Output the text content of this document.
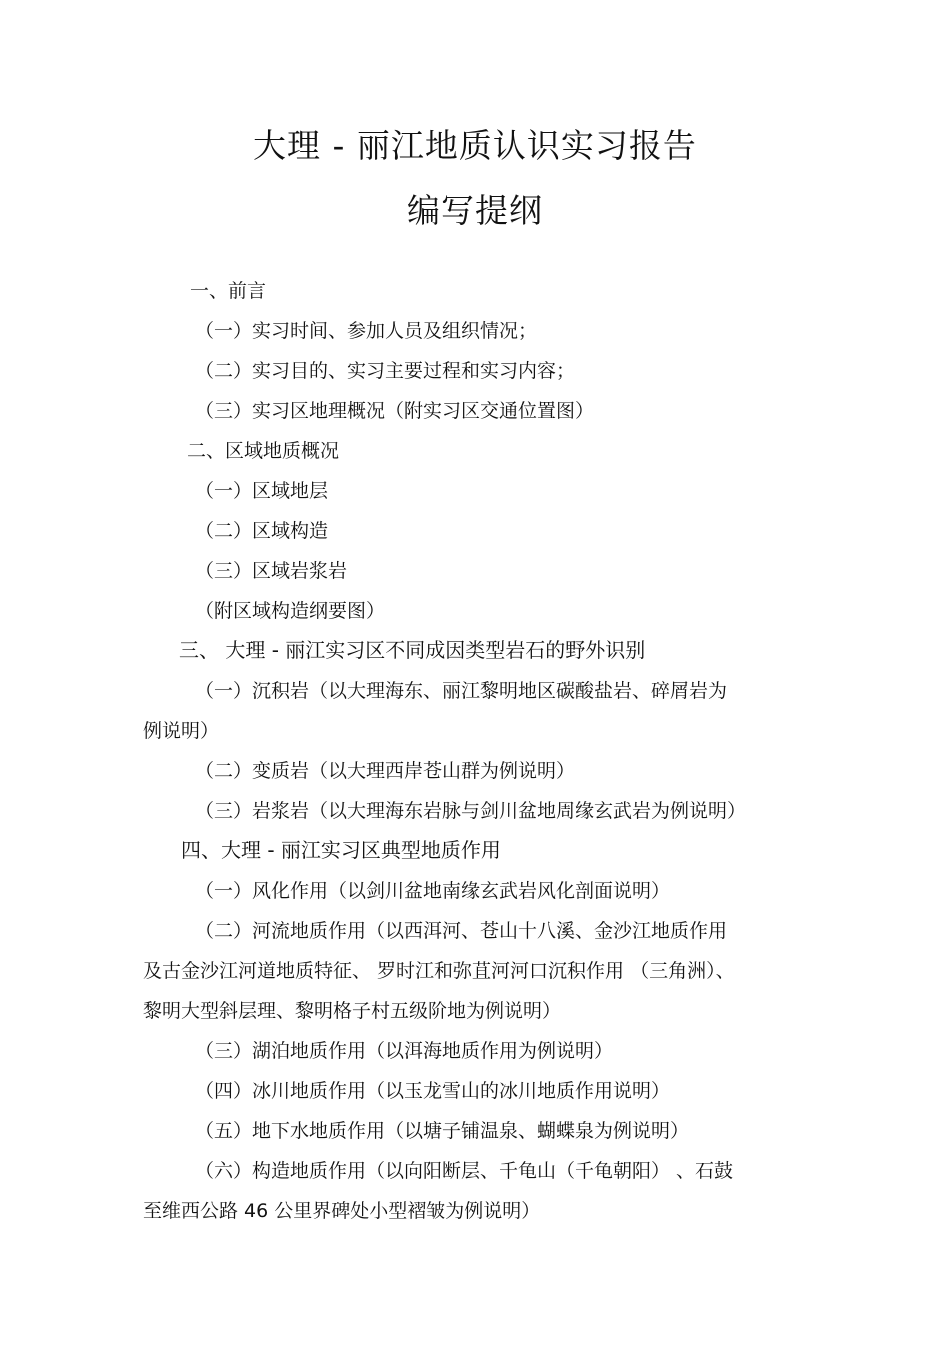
大理 - 丽江地质认识实习报告
编写提纲
一、前言
（一）实习时间、参加人员及组织情况；
（二）实习目的、实习主要过程和实习内容；
（三）实习区地理概况（附实习区交通位置图）
二、区域地质概况
（一）区域地层
（二）区域构造
（三）区域岩浆岩
（附区域构造纲要图）
三、 大理 - 丽江实习区不同成因类型岩石的野外识别
（一）沉积岩（以大理海东、丽江黎明地区碳酸盐岩、碎屑岩为
例说明）
（二）变质岩（以大理西岸苍山群为例说明）
（三）岩浆岩（以大理海东岩脉与剑川盆地周缘玄武岩为例说明）
四、大理 - 丽江实习区典型地质作用
（一）风化作用（以剑川盆地南缘玄武岩风化剖面说明）
（二）河流地质作用（以西洱河、苍山十八溪、金沙江地质作用
及古金沙江河道地质特征、 罗时江和弥苴河河口沉积作用 （三角洲）、
黎明大型斜层理、黎明格子村五级阶地为例说明）
（三）湖泊地质作用（以洱海地质作用为例说明）
（四）冰川地质作用（以玉龙雪山的冰川地质作用说明）
（五）地下水地质作用（以塘子铺温泉、蝴蝶泉为例说明）
（六）构造地质作用（以向阳断层、千龟山（千龟朝阳） 、石鼓
至维西公路 46 公里界碑处小型褶皱为例说明）
